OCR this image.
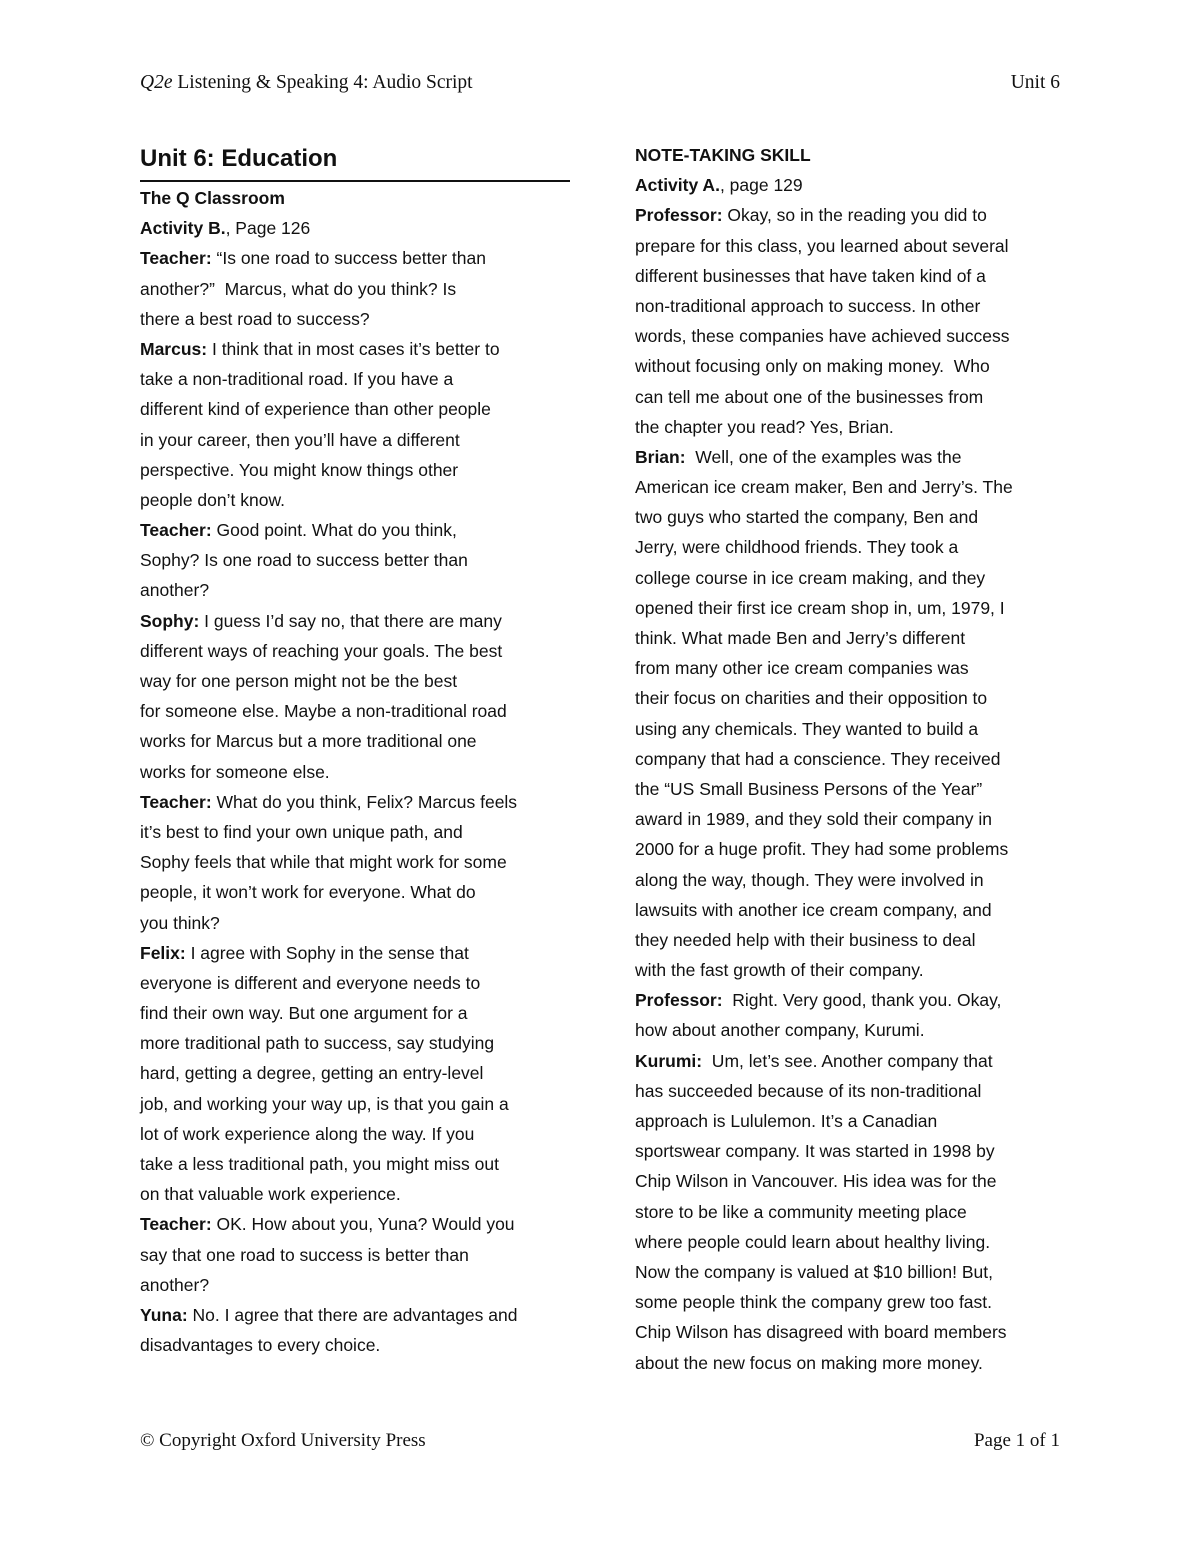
Q2e Listening & Speaking 4: Audio Script	Unit 6
Unit 6: Education
The Q Classroom
Activity B., Page 126
Teacher: “Is one road to success better than
another?”  Marcus, what do you think? Is
there a best road to success?
Marcus: I think that in most cases it’s better to
take a non-traditional road. If you have a
different kind of experience than other people
in your career, then you’ll have a different
perspective. You might know things other
people don’t know.
Teacher: Good point. What do you think,
Sophy? Is one road to success better than
another?
Sophy: I guess I’d say no, that there are many
different ways of reaching your goals. The best
way for one person might not be the best
for someone else. Maybe a non-traditional road
works for Marcus but a more traditional one
works for someone else.
Teacher: What do you think, Felix? Marcus feels
it’s best to find your own unique path, and
Sophy feels that while that might work for some
people, it won’t work for everyone. What do
you think?
Felix: I agree with Sophy in the sense that
everyone is different and everyone needs to
find their own way. But one argument for a
more traditional path to success, say studying
hard, getting a degree, getting an entry-level
job, and working your way up, is that you gain a
lot of work experience along the way. If you
take a less traditional path, you might miss out
on that valuable work experience.
Teacher: OK. How about you, Yuna? Would you
say that one road to success is better than
another?
Yuna: No. I agree that there are advantages and
disadvantages to every choice.
NOTE-TAKING SKILL
Activity A., page 129
Professor: Okay, so in the reading you did to
prepare for this class, you learned about several
different businesses that have taken kind of a
non-traditional approach to success. In other
words, these companies have achieved success
without focusing only on making money.  Who
can tell me about one of the businesses from
the chapter you read? Yes, Brian.
Brian:  Well, one of the examples was the
American ice cream maker, Ben and Jerry’s. The
two guys who started the company, Ben and
Jerry, were childhood friends. They took a
college course in ice cream making, and they
opened their first ice cream shop in, um, 1979, I
think. What made Ben and Jerry’s different
from many other ice cream companies was
their focus on charities and their opposition to
using any chemicals. They wanted to build a
company that had a conscience. They received
the “US Small Business Persons of the Year”
award in 1989, and they sold their company in
2000 for a huge profit. They had some problems
along the way, though. They were involved in
lawsuits with another ice cream company, and
they needed help with their business to deal
with the fast growth of their company.
Professor:  Right. Very good, thank you. Okay,
how about another company, Kurumi.
Kurumi:  Um, let’s see. Another company that
has succeeded because of its non-traditional
approach is Lululemon. It’s a Canadian
sportswear company. It was started in 1998 by
Chip Wilson in Vancouver. His idea was for the
store to be like a community meeting place
where people could learn about healthy living.
Now the company is valued at $10 billion! But,
some people think the company grew too fast.
Chip Wilson has disagreed with board members
about the new focus on making more money.
© Copyright Oxford University Press	Page 1 of 1
